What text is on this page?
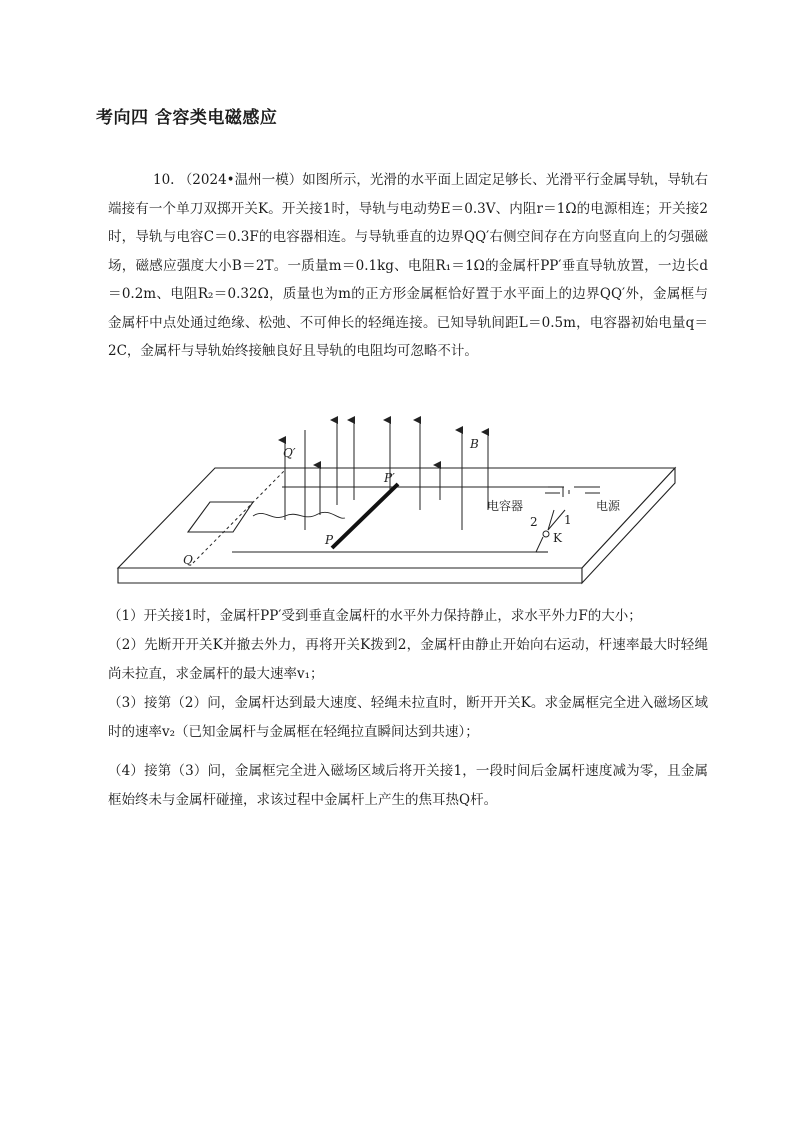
考向四 含容类电磁感应
10. （2024•温州一模）如图所示，光滑的水平面上固定足够长、光滑平行金属导轨，导轨右端接有一个单刀双掷开关K。开关接1时，导轨与电动势E＝0.3V、内阻r＝1Ω的电源相连；开关接2时，导轨与电容C＝0.3F的电容器相连。与导轨垂直的边界QQ′右侧空间存在方向竖直向上的匀强磁场，磁感应强度大小B＝2T。一质量m＝0.1kg、电阻R₁＝1Ω的金属杆PP′垂直导轨放置，一边长d＝0.2m、电阻R₂＝0.32Ω，质量也为m的正方形金属框恰好置于水平面上的边界QQ′外，金属框与金属杆中点处通过绝缘、松弛、不可伸长的轻绳连接。已知导轨间距L＝0.5m，电容器初始电量q＝2C，金属杆与导轨始终接触良好且导轨的电阻均可忽略不计。
Q′
Q
P′
P
B
电容器	电源
2 1
K
（1）开关接1时，金属杆PP′受到垂直金属杆的水平外力保持静止，求水平外力F的大小；
（2）先断开开关K并撤去外力，再将开关K拨到2，金属杆由静止开始向右运动，杆速率最大时轻绳尚未拉直，求金属杆的最大速率v₁；
（3）接第（2）问，金属杆达到最大速度、轻绳未拉直时，断开开关K。求金属框完全进入磁场区域时的速率v₂（已知金属杆与金属框在轻绳拉直瞬间达到共速）；
（4）接第（3）问，金属框完全进入磁场区域后将开关接1，一段时间后金属杆速度减为零，且金属框始终未与金属杆碰撞，求该过程中金属杆上产生的焦耳热Q杆。
